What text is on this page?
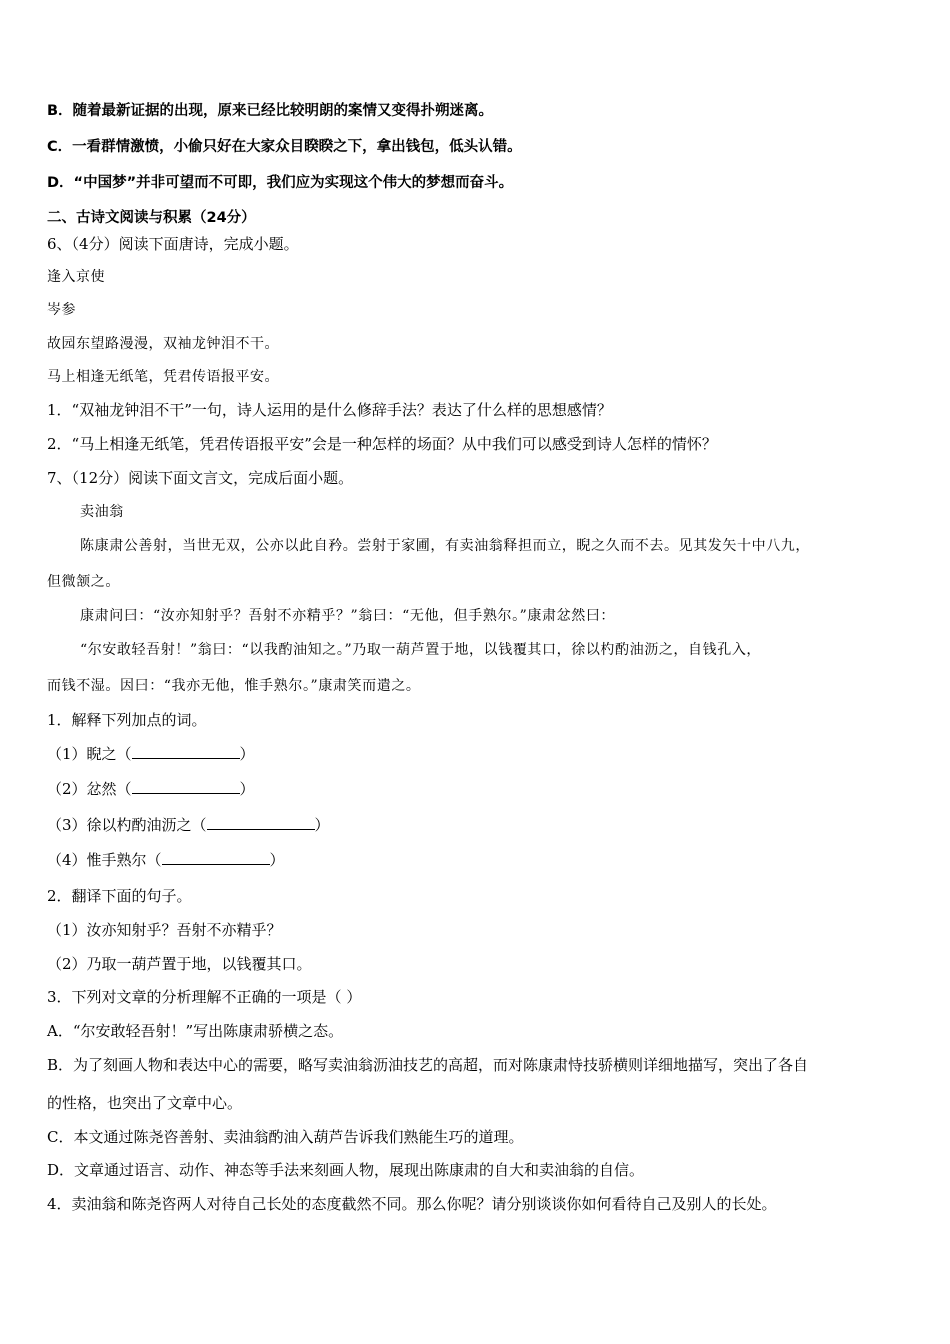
B．随着最新证据的出现，原来已经比较明朗的案情又变得扑朔迷离。
C．一看群情激愤，小偷只好在大家众目睽睽之下，拿出钱包，低头认错。
D．“中国梦”并非可望而不可即，我们应为实现这个伟大的梦想而奋斗。
二、古诗文阅读与积累（24分）
6、（4分）阅读下面唐诗，完成小题。
逢入京使
岑参
故园东望路漫漫，双袖龙钟泪不干。
马上相逢无纸笔，凭君传语报平安。
1．“双袖龙钟泪不干”一句，诗人运用的是什么修辞手法？表达了什么样的思想感情？
2．“马上相逢无纸笔，凭君传语报平安”会是一种怎样的场面？从中我们可以感受到诗人怎样的情怀？
7、（12分）阅读下面文言文，完成后面小题。
卖油翁
陈康肃公善射，当世无双，公亦以此自矜。尝射于家圃，有卖油翁释担而立，睨之久而不去。见其发矢十中八九，
但微颔之。
康肃问曰：“汝亦知射乎？吾射不亦精乎？”翁曰：“无他，但手熟尔。”康肃忿然曰：
“尔安敢轻吾射！”翁曰：“以我酌油知之。”乃取一葫芦置于地，以钱覆其口，徐以杓酌油沥之，自钱孔入，
而钱不湿。因曰：“我亦无他，惟手熟尔。”康肃笑而遣之。
1．解释下列加点的词。
（1）睨之（	）
（2）忿然（	）
（3）徐以杓酌油沥之（	）
（4）惟手熟尔（	）
2．翻译下面的句子。
（1）汝亦知射乎？吾射不亦精乎？
（2）乃取一葫芦置于地，以钱覆其口。
3．下列对文章的分析理解不正确的一项是（ ）
A．“尔安敢轻吾射！”写出陈康肃骄横之态。
B．为了刻画人物和表达中心的需要，略写卖油翁沥油技艺的高超，而对陈康肃恃技骄横则详细地描写，突出了各自
的性格，也突出了文章中心。
C．本文通过陈尧咨善射、卖油翁酌油入葫芦告诉我们熟能生巧的道理。
D．文章通过语言、动作、神态等手法来刻画人物，展现出陈康肃的自大和卖油翁的自信。
4．卖油翁和陈尧咨两人对待自己长处的态度截然不同。那么你呢？请分别谈谈你如何看待自己及别人的长处。
